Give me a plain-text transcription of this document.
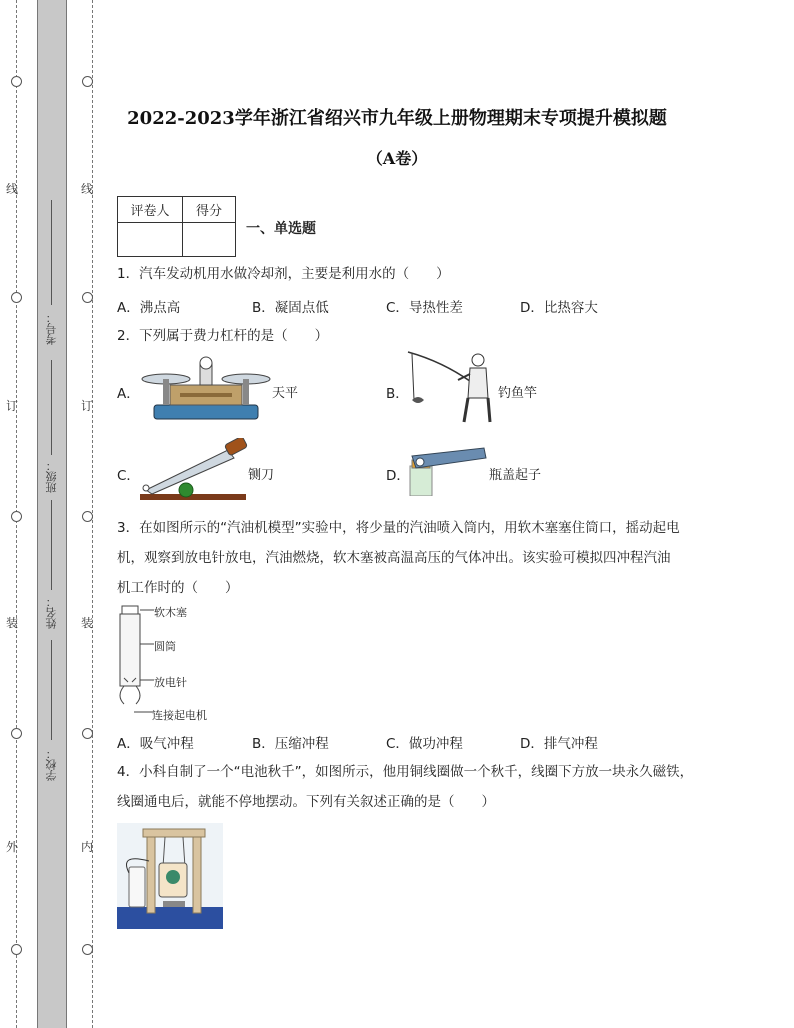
线
订
装
外
线
订
装
内
考号：
班级：
姓名：
学校：
2022-2023学年浙江省绍兴市九年级上册物理期末专项提升模拟题
（A卷）
评卷人	得分

一、单选题
1．汽车发动机用水做冷却剂，主要是利用水的（　　）
A．沸点高	B．凝固点低	C．导热性差	D．比热容大
2．下列属于费力杠杆的是（　　）
A．	天平	B．	钓鱼竿
C．	铡刀	D．	瓶盖起子
3．在如图所示的“汽油机模型”实验中，将少量的汽油喷入筒内，用软木塞塞住筒口，摇动起电
机，观察到放电针放电，汽油燃烧，软木塞被高温高压的气体冲出。该实验可模拟四冲程汽油
机工作时的（　　）
软木塞
圆筒
放电针
连接起电机
A．吸气冲程	B．压缩冲程	C．做功冲程	D．排气冲程
4．小科自制了一个“电池秋千”，如图所示，他用铜线圈做一个秋千，线圈下方放一块永久磁铁，
线圈通电后，就能不停地摆动。下列有关叙述正确的是（　　）
